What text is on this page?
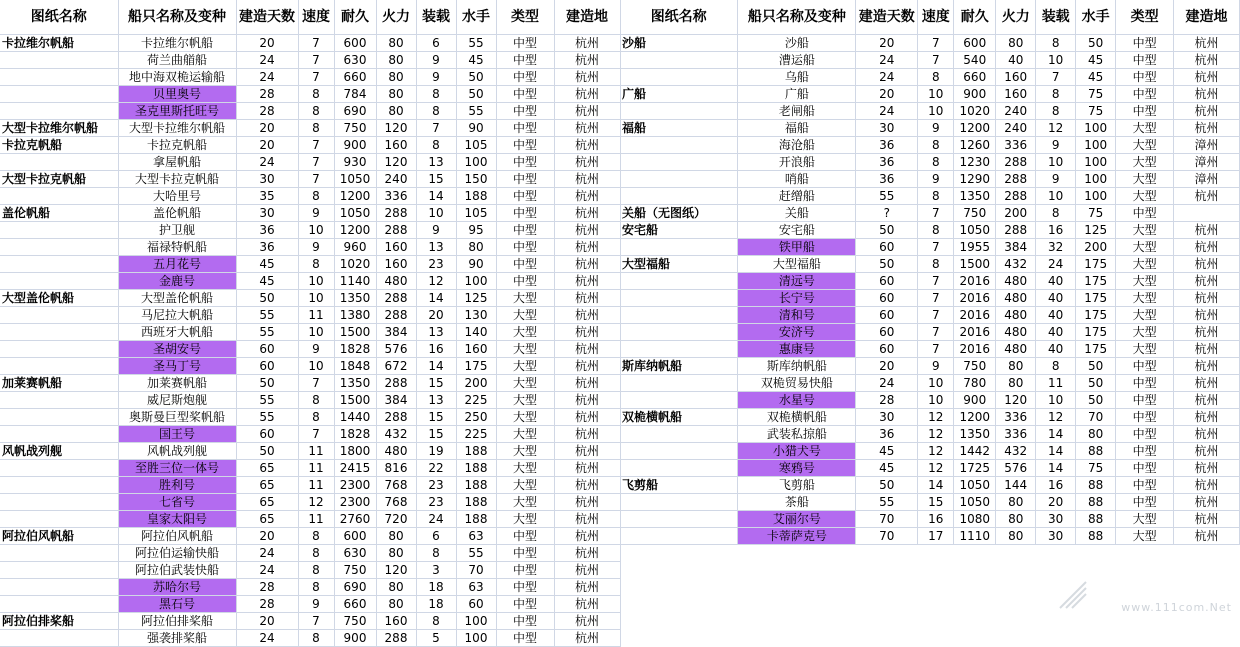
图纸名称	船只名称及变种	建造天数	速度	耐久	火力	装载	水手	类型	建造地
卡拉维尔帆船	卡拉维尔帆船	20	7	600	80	6	55	中型	杭州
	荷兰曲艏船	24	7	630	80	9	45	中型	杭州
	地中海双桅运输船	24	7	660	80	9	50	中型	杭州
	贝里奥号	28	8	784	80	8	50	中型	杭州
	圣克里斯托旺号	28	8	690	80	8	55	中型	杭州
大型卡拉维尔帆船	大型卡拉维尔帆船	20	8	750	120	7	90	中型	杭州
卡拉克帆船	卡拉克帆船	20	7	900	160	8	105	中型	杭州
	拿屋帆船	24	7	930	120	13	100	中型	杭州
大型卡拉克帆船	大型卡拉克帆船	30	7	1050	240	15	150	中型	杭州
	大哈里号	35	8	1200	336	14	188	中型	杭州
盖伦帆船	盖伦帆船	30	9	1050	288	10	105	中型	杭州
	护卫舰	36	10	1200	288	9	95	中型	杭州
	福禄特帆船	36	9	960	160	13	80	中型	杭州
	五月花号	45	8	1020	160	23	90	中型	杭州
	金鹿号	45	10	1140	480	12	100	中型	杭州
大型盖伦帆船	大型盖伦帆船	50	10	1350	288	14	125	大型	杭州
	马尼拉大帆船	55	11	1380	288	20	130	大型	杭州
	西班牙大帆船	55	10	1500	384	13	140	大型	杭州
	圣胡安号	60	9	1828	576	16	160	大型	杭州
	圣马丁号	60	10	1848	672	14	175	大型	杭州
加莱赛帆船	加莱赛帆船	50	7	1350	288	15	200	大型	杭州
	威尼斯炮舰	55	8	1500	384	13	225	大型	杭州
	奥斯曼巨型桨帆船	55	8	1440	288	15	250	大型	杭州
	国王号	60	7	1828	432	15	225	大型	杭州
风帆战列舰	风帆战列舰	50	11	1800	480	19	188	大型	杭州
	至胜三位一体号	65	11	2415	816	22	188	大型	杭州
	胜利号	65	11	2300	768	23	188	大型	杭州
	七省号	65	12	2300	768	23	188	大型	杭州
	皇家太阳号	65	11	2760	720	24	188	大型	杭州
阿拉伯风帆船	阿拉伯风帆船	20	8	600	80	6	63	中型	杭州
	阿拉伯运输快船	24	8	630	80	8	55	中型	杭州
	阿拉伯武装快船	24	8	750	120	3	70	中型	杭州
	苏哈尔号	28	8	690	80	18	63	中型	杭州
	黑石号	28	9	660	80	18	60	中型	杭州
阿拉伯排桨船	阿拉伯排桨船	20	7	750	160	8	100	中型	杭州
	强袭排桨船	24	8	900	288	5	100	中型	杭州
图纸名称	船只名称及变种	建造天数	速度	耐久	火力	装载	水手	类型	建造地
沙船	沙船	20	7	600	80	8	50	中型	杭州
	漕运船	24	7	540	40	10	45	中型	杭州
	乌船	24	8	660	160	7	45	中型	杭州
广船	广船	20	10	900	160	8	75	中型	杭州
	老闸船	24	10	1020	240	8	75	中型	杭州
福船	福船	30	9	1200	240	12	100	大型	杭州
	海沧船	36	8	1260	336	9	100	大型	漳州
	开浪船	36	8	1230	288	10	100	大型	漳州
	哨船	36	9	1290	288	9	100	大型	漳州
	赶缯船	55	8	1350	288	10	100	大型	杭州
关船（无图纸）	关船	?	7	750	200	8	75	中型	
安宅船	安宅船	50	8	1050	288	16	125	大型	杭州
	铁甲船	60	7	1955	384	32	200	大型	杭州
大型福船	大型福船	50	8	1500	432	24	175	大型	杭州
	清远号	60	7	2016	480	40	175	大型	杭州
	长宁号	60	7	2016	480	40	175	大型	杭州
	清和号	60	7	2016	480	40	175	大型	杭州
	安济号	60	7	2016	480	40	175	大型	杭州
	惠康号	60	7	2016	480	40	175	大型	杭州
斯库纳帆船	斯库纳帆船	20	9	750	80	8	50	中型	杭州
	双桅贸易快船	24	10	780	80	11	50	中型	杭州
	水星号	28	10	900	120	10	50	中型	杭州
双桅横帆船	双桅横帆船	30	12	1200	336	12	70	中型	杭州
	武装私掠船	36	12	1350	336	14	80	中型	杭州
	小猎犬号	45	12	1442	432	14	88	中型	杭州
	寒鸦号	45	12	1725	576	14	75	中型	杭州
飞剪船	飞剪船	50	14	1050	144	16	88	中型	杭州
	茶船	55	15	1050	80	20	88	中型	杭州
	艾丽尔号	70	16	1080	80	30	88	大型	杭州
	卡蒂萨克号	70	17	1110	80	30	88	大型	杭州
www.111com.Net
